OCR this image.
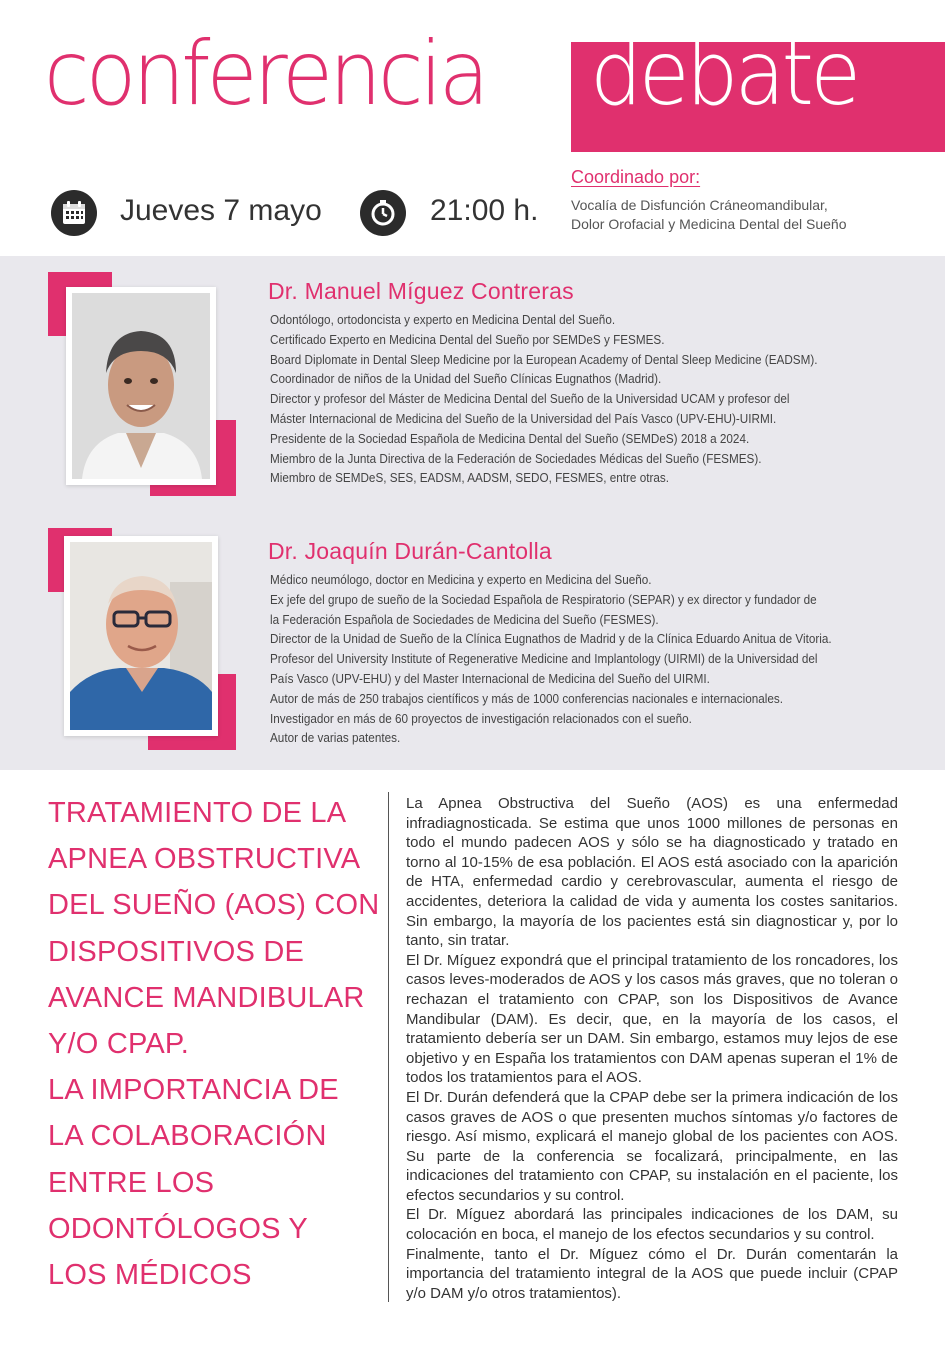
conferencia debate
Jueves 7 mayo	21:00 h.
Coordinado por:
Vocalía de Disfunción Cráneomandibular,
Dolor Orofacial y Medicina Dental del Sueño
Dr. Manuel Míguez Contreras
Odontólogo, ortodoncista y experto en Medicina Dental del Sueño.
Certificado Experto en Medicina Dental del Sueño por SEMDeS y FESMES.
Board Diplomate in Dental Sleep Medicine por la European Academy of Dental Sleep Medicine (EADSM).
Coordinador de niños de la Unidad del Sueño Clínicas Eugnathos (Madrid).
Director y profesor del Máster de Medicina Dental del Sueño de la Universidad UCAM y profesor del
Máster Internacional de Medicina del Sueño de la Universidad del País Vasco (UPV-EHU)-UIRMI.
Presidente de la Sociedad Española de Medicina Dental del Sueño (SEMDeS) 2018 a 2024.
Miembro de la Junta Directiva de la Federación de Sociedades Médicas del Sueño (FESMES).
Miembro de SEMDeS, SES, EADSM, AADSM, SEDO, FESMES, entre otras.
Dr. Joaquín Durán-Cantolla
Médico neumólogo, doctor en Medicina y experto en Medicina del Sueño.
Ex jefe del grupo de sueño de la Sociedad Española de Respiratorio (SEPAR) y ex director y fundador de
la Federación Española de Sociedades de Medicina del Sueño (FESMES).
Director de la Unidad de Sueño de la Clínica Eugnathos de Madrid y de la Clínica Eduardo Anitua de Vitoria.
Profesor del University Institute of Regenerative Medicine and Implantology (UIRMI) de la Universidad del
País Vasco (UPV-EHU) y del Master Internacional de Medicina del Sueño del UIRMI.
Autor de más de 250 trabajos científicos y más de 1000 conferencias nacionales e internacionales.
Investigador en más de 60 proyectos de investigación relacionados con el sueño.
Autor de varias patentes.
TRATAMIENTO DE LA
APNEA OBSTRUCTIVA
DEL SUEÑO (AOS) CON
DISPOSITIVOS DE
AVANCE MANDIBULAR
Y/O CPAP.
LA IMPORTANCIA DE
LA COLABORACIÓN
ENTRE LOS
ODONTÓLOGOS Y
LOS MÉDICOS

La Apnea Obstructiva del Sueño (AOS) es una enfermedad infradiagnosticada. Se estima que unos 1000 millones de personas en todo el mundo padecen AOS y sólo se ha diagnosticado y tratado en torno al 10-15% de esa población. El AOS está asociado con la aparición de HTA, enfermedad cardio y cerebrovascular, aumenta el riesgo de accidentes, deteriora la calidad de vida y aumenta los costes sanitarios. Sin embargo, la mayoría de los pacientes está sin diagnosticar y, por lo tanto, sin tratar.

El Dr. Míguez expondrá que el principal tratamiento de los roncadores, los casos leves-moderados de AOS y los casos más graves, que no toleran o rechazan el tratamiento con CPAP, son los Dispositivos de Avance Mandibular (DAM). Es decir, que, en la mayoría de los casos, el tratamiento debería ser un DAM. Sin embargo, estamos muy lejos de ese objetivo y en España los tratamientos con DAM apenas superan el 1% de todos los tratamientos para el AOS.

El Dr. Durán defenderá que la CPAP debe ser la primera indicación de los casos graves de AOS o que presenten muchos síntomas y/o factores de riesgo. Así mismo, explicará el manejo global de los pacientes con AOS. Su parte de la conferencia se focalizará, principalmente, en las indicaciones del tratamiento con CPAP, su instalación en el paciente, los efectos secundarios y su control.

El Dr. Míguez abordará las principales indicaciones de los DAM, su colocación en boca, el manejo de los efectos secundarios y su control.

Finalmente, tanto el Dr. Míguez cómo el Dr. Durán comentarán la importancia del tratamiento integral de la AOS que puede incluir (CPAP y/o DAM y/o otros tratamientos).
